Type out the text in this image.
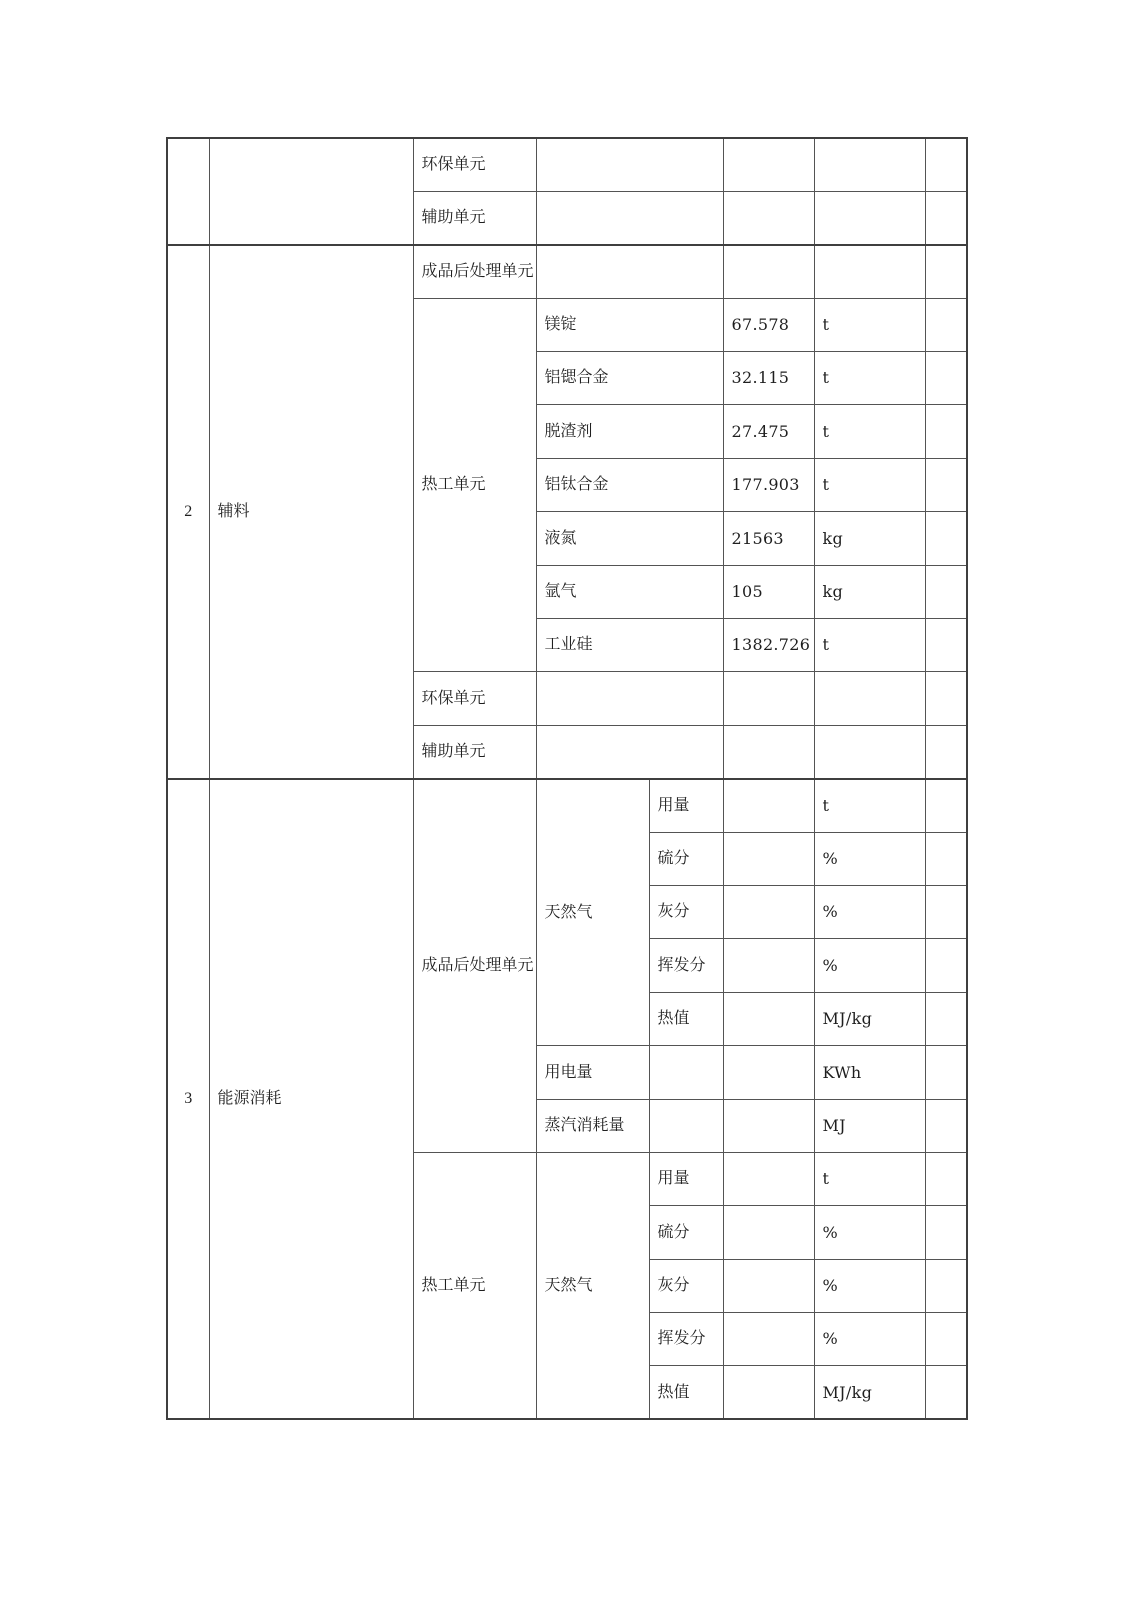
		环保单元					
		辅助单元					
2	辅料	成品后处理单元					
		热工单元	镁锭		67.578	t	
			铝锶合金		32.115	t	
			脱渣剂		27.475	t	
			铝钛合金		177.903	t	
			液氮		21563	kg	
			氩气		105	kg	
			工业硅		1382.726	t	
		环保单元					
		辅助单元					
3	能源消耗	成品后处理单元	天然气	用量		t	
				硫分		%	
				灰分		%	
				挥发分		%	
				热值		MJ/kg	
			用电量			KWh	
			蒸汽消耗量			MJ	
		热工单元	天然气	用量		t	
				硫分		%	
				灰分		%	
				挥发分		%	
				热值		MJ/kg	
